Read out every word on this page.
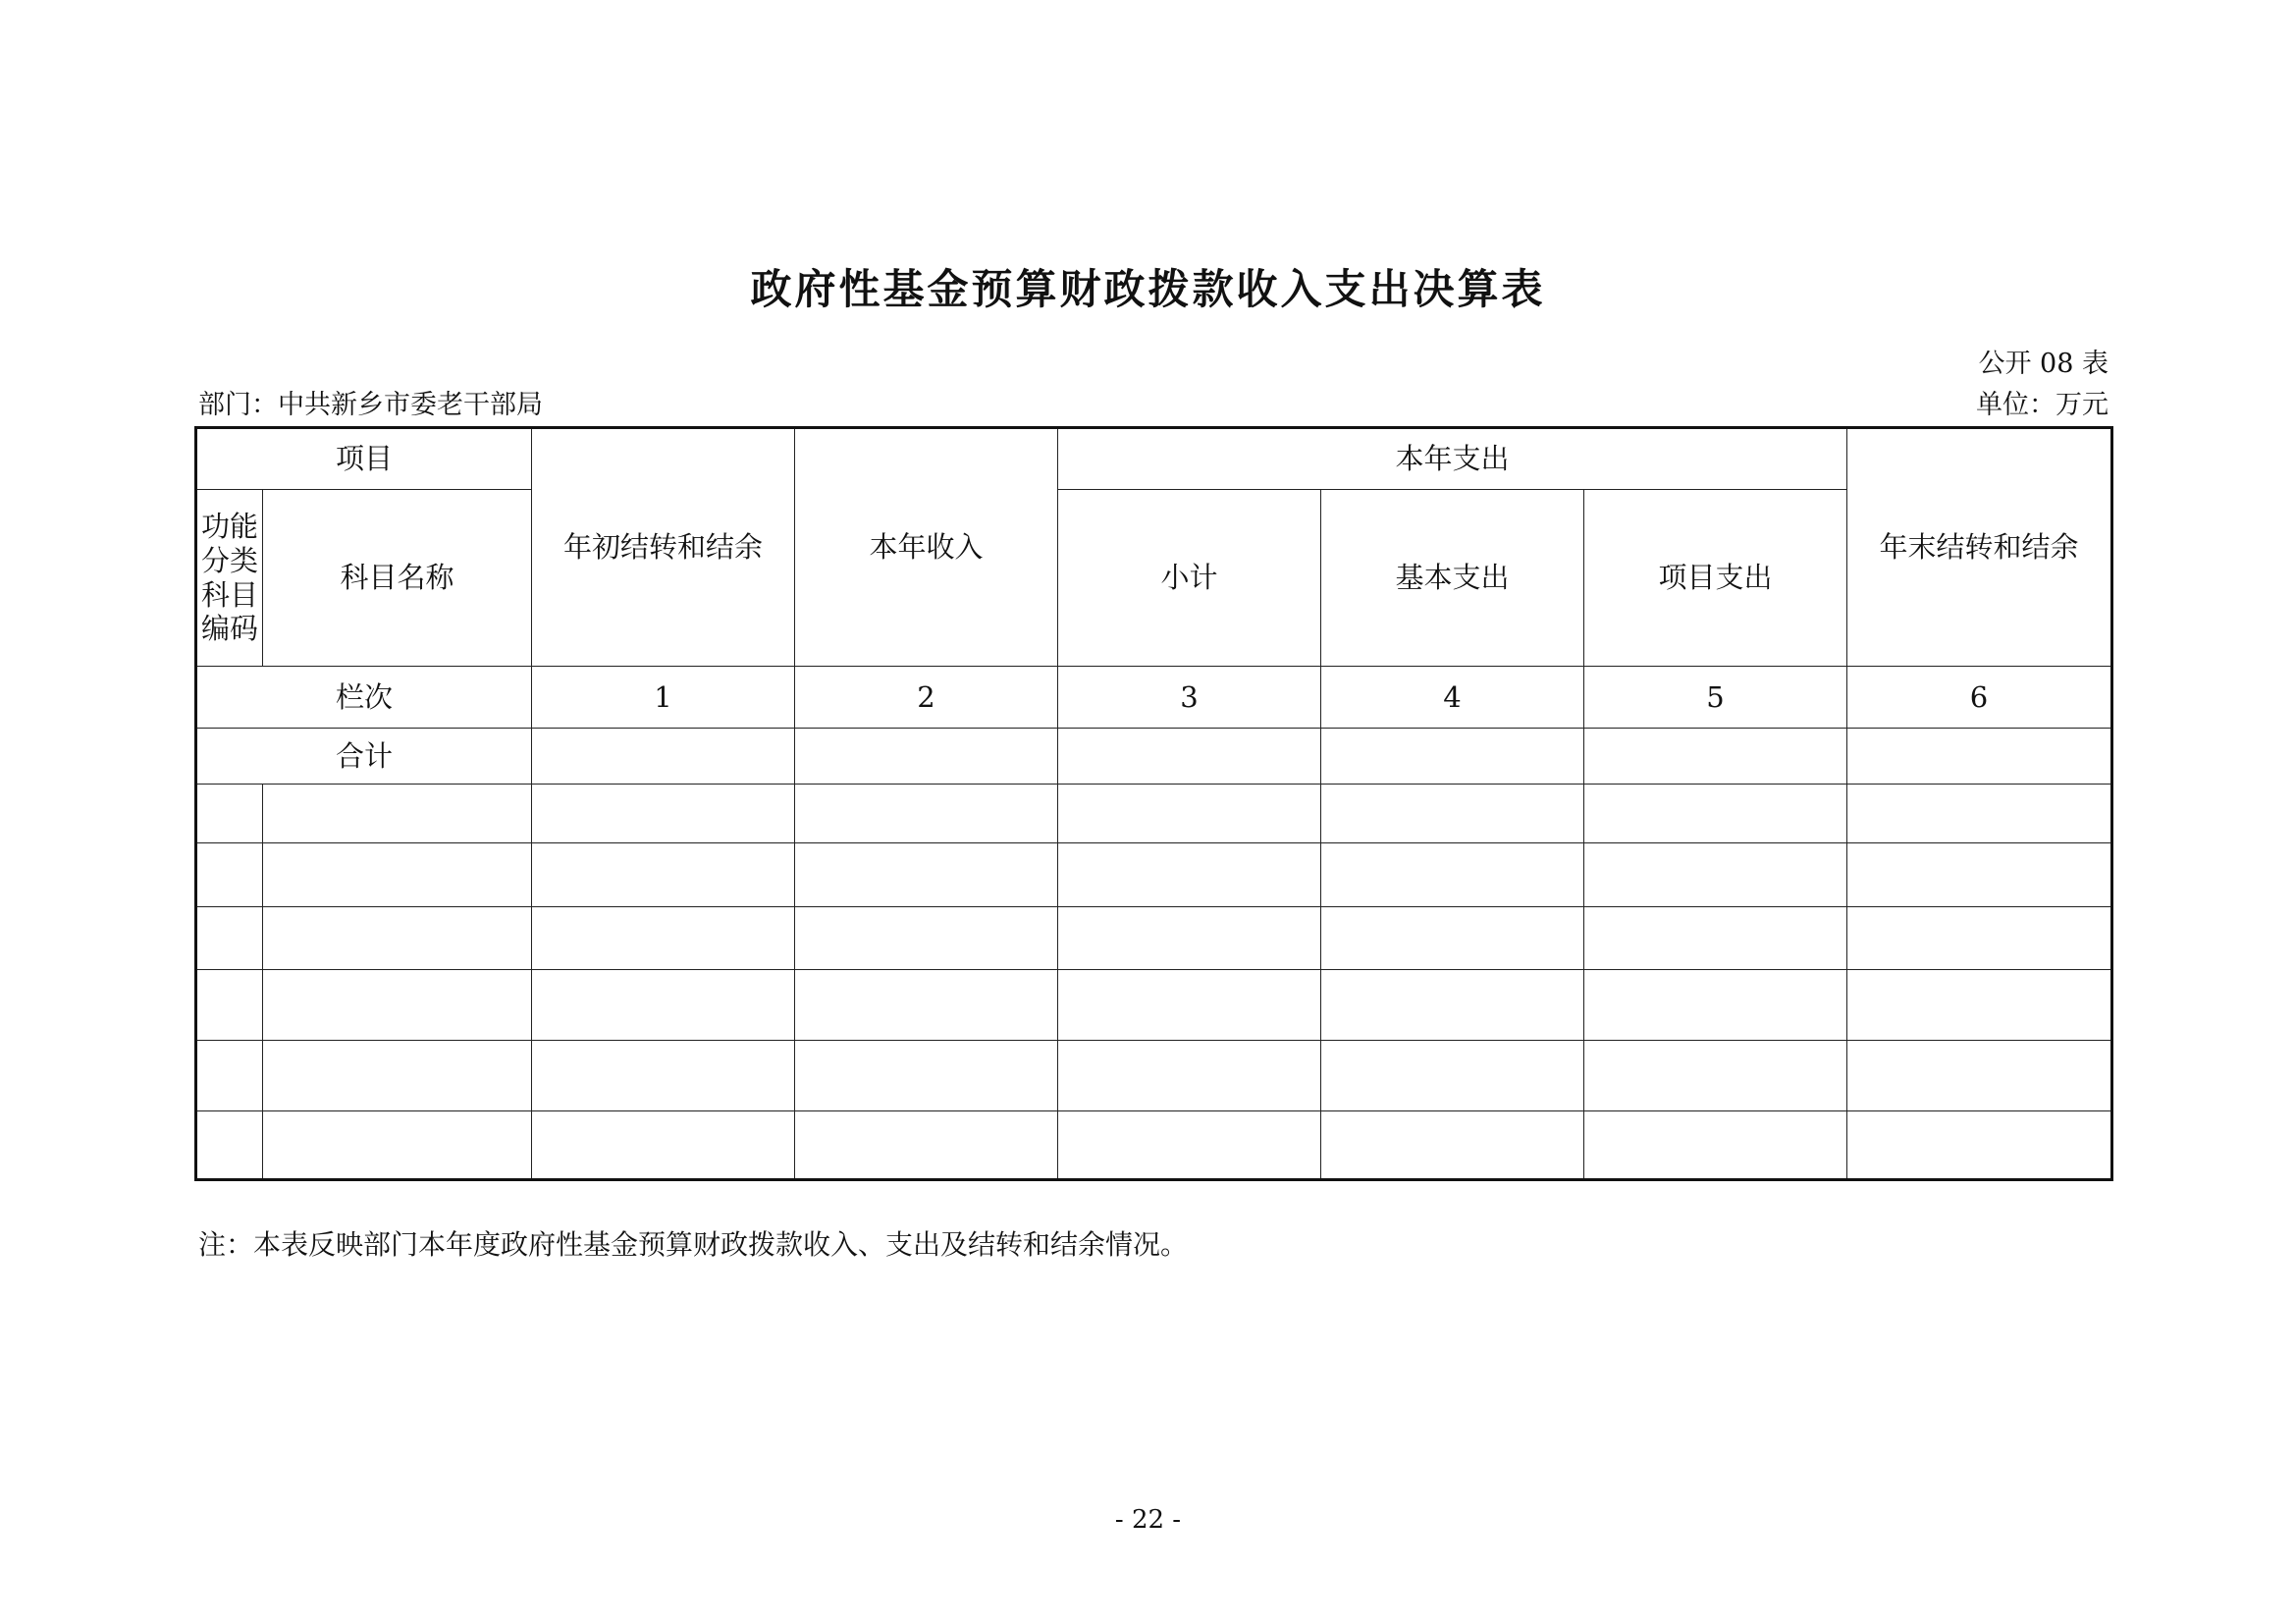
政府性基金预算财政拨款收入支出决算表
公开 08 表
部门：中共新乡市委老干部局	单位：万元
项目		年初结转和结余	本年收入	本年支出			年末结转和结余
功能分类科目编码	科目名称			小计	基本支出	项目支出	
栏次		1	2	3	4	5	6
合计							

注：本表反映部门本年度政府性基金预算财政拨款收入、支出及结转和结余情况。
- 22 -
